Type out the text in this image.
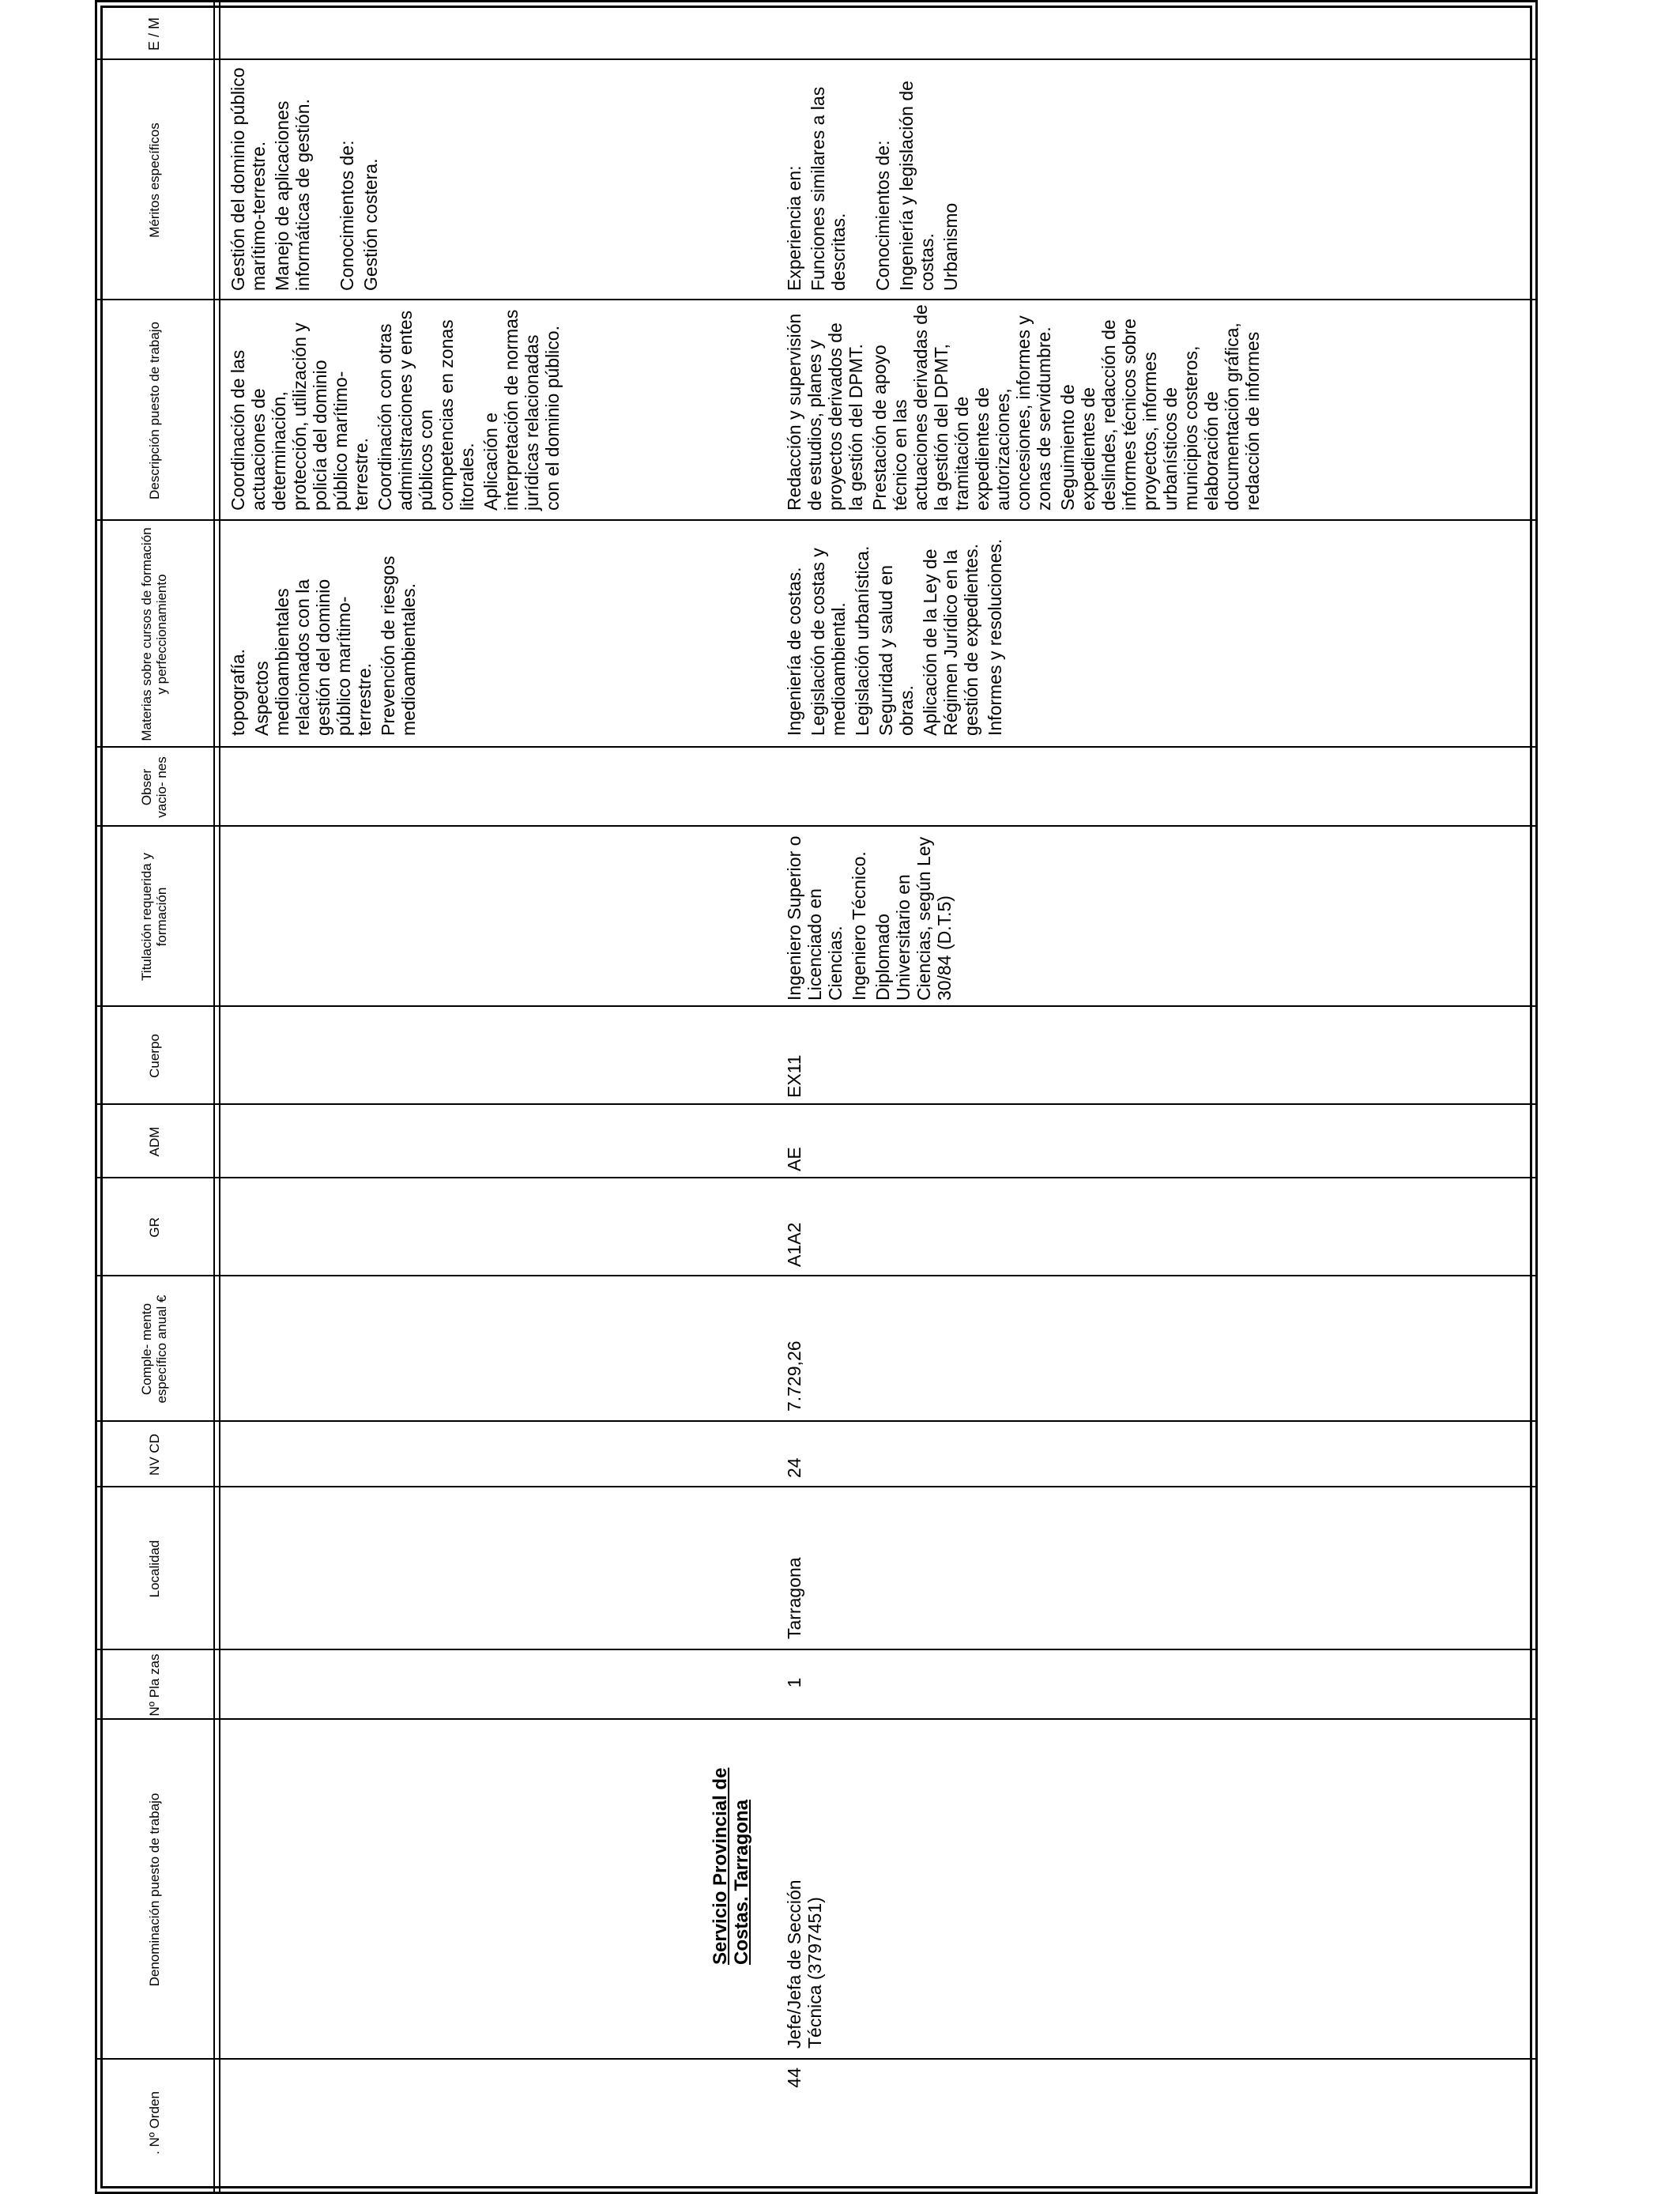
. Nº Orden
Denominación puesto de trabajo
Nº Pla zas
Localidad
NV CD
Comple- mento específico anual €
GR
ADM
Cuerpo
Titulación requerida y formación
Obser vacio- nes
Materias sobre cursos de formación y perfeccionamiento
Descripción puesto de trabajo
Méritos específicos
E / M

topografía. Aspectos medioambientales relacionados con la gestión del dominio público marítimo-terrestre. Prevención de riesgos medioambientales.

Coordinación de las actuaciones de determinación, protección, utilización y policía del dominio público marítimo-terrestre. Coordinación con otras administraciones y entes públicos con competencias en zonas litorales. Aplicación e interpretación de normas jurídicas relacionadas con el dominio público.

Gestión del dominio público marítimo-terrestre. Manejo de aplicaciones informáticas de gestión. Conocimientos de: Gestión costera.

Servicio Provincial de Costas. Tarragona
44
Jefe/Jefa de Sección Técnica (3797451)
1
Tarragona
24
7.729,26
A1A2
AE
EX11

Ingeniero Superior o Licenciado en Ciencias. Ingeniero Técnico. Diplomado Universitario en Ciencias, según Ley 30/84 (D.T.5)

Ingeniería de costas. Legislación de costas y medioambiental. Legislación urbanística. Seguridad y salud en obras. Aplicación de la Ley de Régimen Jurídico en la gestión de expedientes. Informes y resoluciones.

Redacción y supervisión de estudios, planes y proyectos derivados de la gestión del DPMT. Prestación de apoyo técnico en las actuaciones derivadas de la gestión del DPMT, tramitación de expedientes de autorizaciones, concesiones, informes y zonas de servidumbre. Seguimiento de expedientes de deslindes, redacción de informes técnicos sobre proyectos, informes urbanísticos de municipios costeros, elaboración de documentación gráfica, redacción de informes

Experiencia en: Funciones similares a las descritas. Conocimientos de: Ingeniería y legislación de costas. Urbanismo
